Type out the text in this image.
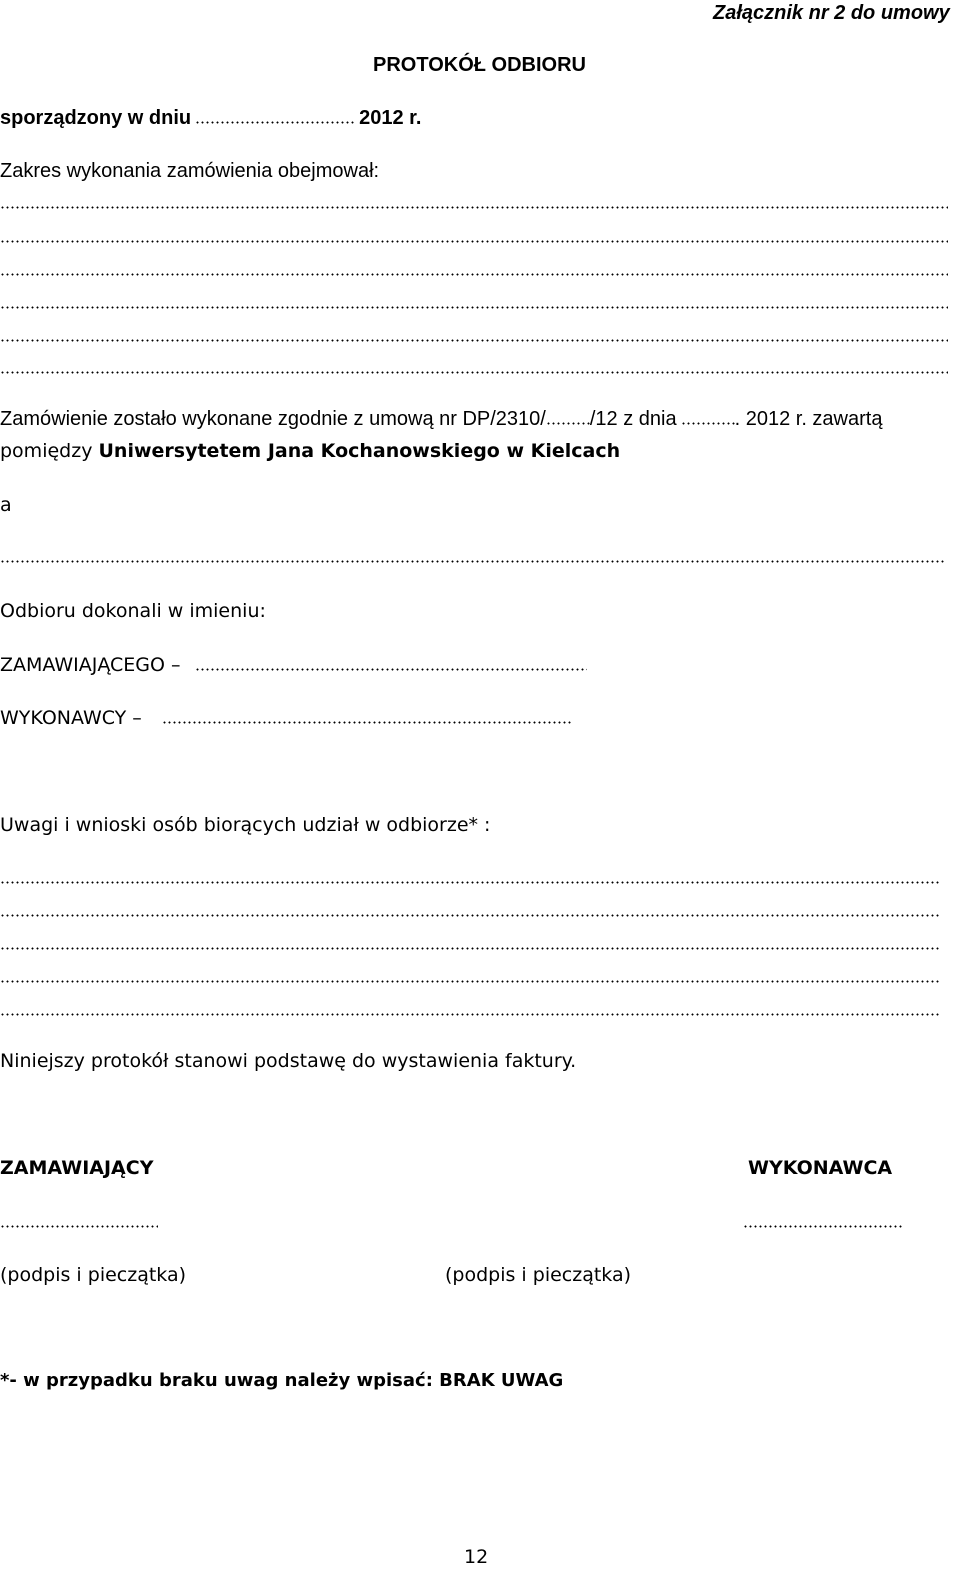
Załącznik nr 2 do umowy
PROTOKÓŁ ODBIORU
sporządzony w dniu	2012 r.
Zakres wykonania zamówienia obejmował:
Zamówienie zostało wykonane zgodnie z umową nr DP/2310/ /12 z dnia	. 2012 r. zawartą
pomiędzy Uniwersytetem Jana Kochanowskiego w Kielcach
a
Odbioru dokonali w imieniu:
ZAMAWIAJĄCEGO –
WYKONAWCY –
Uwagi i wnioski osób biorących udział w odbiorze* :
Niniejszy protokół stanowi podstawę do wystawienia faktury.
ZAMAWIAJĄCY	WYKONAWCA
(podpis i pieczątka)	(podpis i pieczątka)
*- w przypadku braku uwag należy wpisać: BRAK UWAG
12
